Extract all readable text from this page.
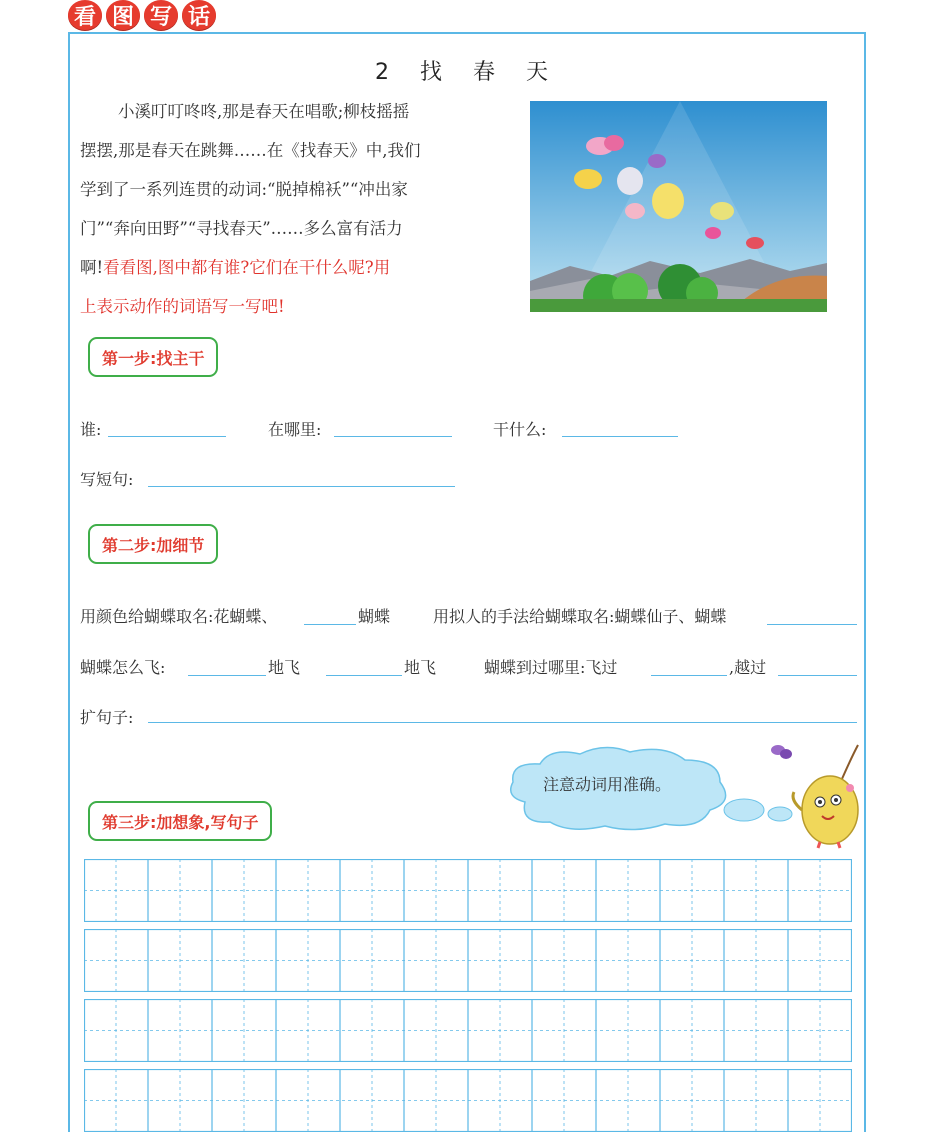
看 图 写 话
2 找 春 天
小溪叮叮咚咚,那是春天在唱歌;柳枝摇摇
摆摆,那是春天在跳舞……在《找春天》中,我们
学到了一系列连贯的动词:“脱掉棉袄”“冲出家
门”“奔向田野”“寻找春天”……多么富有活力
啊!看看图,图中都有谁?它们在干什么呢?用
上表示动作的词语写一写吧!
第一步:找主干
谁:	在哪里:	干什么:
写短句:
第二步:加细节
用颜色给蝴蝶取名:花蝴蝶、	蝴蝶	用拟人的手法给蝴蝶取名:蝴蝶仙子、蝴蝶
蝴蝶怎么飞:	地飞	地飞	蝴蝶到过哪里:飞过	,越过
扩句子:
注意动词用准确。
第三步:加想象,写句子
